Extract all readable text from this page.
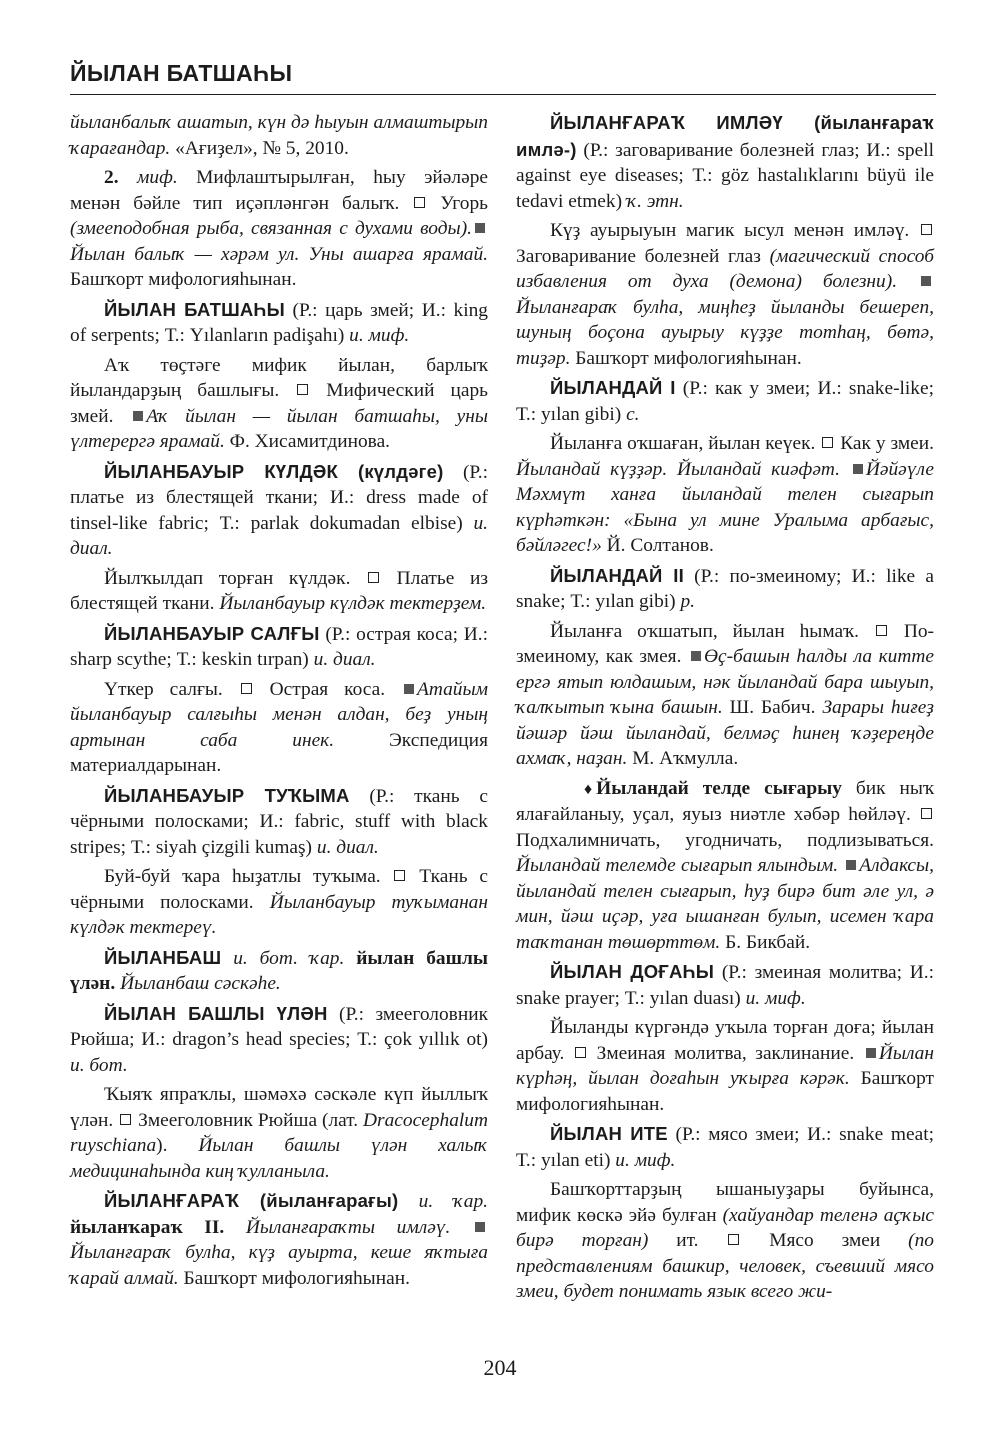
ЙЫЛАН БАТШАҺЫ

йыланбалыҡ ашатып, күн дә һыуын алмаштырып ҡарағандар. «Ағиҙел», № 5, 2010.

2. миф. Мифлаштырылған, һыу эйәләре менән бәйле тип иҫәпләнгән балыҡ.  Угорь (змееподобная рыба, связанная с духами воды).Йылан балыҡ — хәрәм ул. Уны ашарға ярамай. Башҡорт мифологияһынан.

ЙЫЛАН БАТШАҺЫ (Р.: царь змей; И.: king of serpents; Т.: Yılanların padişahı) и. миф.

Аҡ төҫтәге мифик йылан, барлыҡ йыландарҙың башлығы.  Мифический царь змей. Аҡ йылан — йылан батшаһы, уны үлтерергә ярамай. Ф. Хисамитдинова.

ЙЫЛАНБАУЫР КҮЛДӘК (күлдәге) (Р.: платье из блестящей ткани; И.: dress made of tinsel-like fabric; Т.: parlak dokumadan elbise) и. диал.

Йылҡылдап торған күлдәк.  Платье из блестящей ткани. Йыланбауыр күлдәк тектерҙем.

ЙЫЛАНБАУЫР САЛҒЫ (Р.: острая коса; И.: sharp scythe; Т.: keskin tırpan) и. диал.

Үткер салғы.  Острая коса. Атайым йыланбауыр салғыһы менән алдан, беҙ уның артынан саба инек. Экспедиция материалдарынан.

ЙЫЛАНБАУЫР ТУҠЫМА (Р.: ткань с чёрными полосками; И.: fabric, stuff with black stripes; Т.: siyah çizgili kumaş) и. диал.

Буй-буй ҡара һыҙатлы туҡыма.  Ткань с чёрными полосками. Йыланбауыр туҡыманан күлдәк тектереү.

ЙЫЛАНБАШ и. бот. ҡар. йылан башлы үлән. Йыланбаш сәскәһе.

ЙЫЛАН БАШЛЫ ҮЛӘН (Р.: змееголовник Рюйша; И.: dragon’s head species; Т.: çok yıllık ot) и. бот.

Ҡыяҡ япраҡлы, шәмәхә сәскәле күп йыллыҡ үлән.  Змееголовник Рюйша (лат. Dracocephalum ruyschiana). Йылан башлы үлән халыҡ медицинаһында киң ҡулланыла.

ЙЫЛАНҒАРАҠ (йыланғарағы) и. ҡар. йыланҡараҡ II. Йыланғараҡты имләү. Йыланғараҡ булһа, күҙ ауырта, кеше яҡтыға ҡарай алмай. Башҡорт мифологияһынан.

ЙЫЛАНҒАРАҠ ИМЛӘҮ (йыланғараҡ имлә-) (Р.: заговаривание болезней глаз; И.: spell against eye diseases; Т.: göz hastalıklarını büyü ile tedavi etmek) ҡ. этн.

Күҙ ауырыуын магик ысул менән имләү.  Заговаривание болезней глаз (магический способ избавления от духа (демона) болезни). Йыланғараҡ булһа, миңһеҙ йыланды бешереп, шуның боҫона ауырыу күҙҙе тотһаң, бөтә, тиҙәр. Башҡорт мифологияһынан.

ЙЫЛАНДАЙ I (Р.: как у змеи; И.: snake-like; Т.: yılan gibi) с.

Йыланға оҡшаған, йылан кеүек.  Как у змеи. Йыландай күҙҙәр. Йыландай киәфәт. Йәйәүле Мәхмүт ханға йыландай телен сығарып күрһәткән: «Бына ул мине Уралыма арбағыс, бәйләгес!» Й. Солтанов.

ЙЫЛАНДАЙ II (Р.: по-змеиному; И.: like a snake; Т.: yılan gibi) р.

Йыланға оҡшатып, йылан һымаҡ.  По-змеиному, как змея. Өҫ-башын һалды ла китте ергә ятып юлдашым, нәк йыландай бара шыуып, ҡалҡытып ҡына башын. Ш. Бабич. Зарары һиғеҙ йәшәр йәш йыландай, белмәҫ һинең ҡәҙереңде ахмаҡ, наҙан. М. Аҡмулла.

♦ Йыландай телде сығарыу бик ныҡ ялағайланыу, уҫал, яуыз ниәтле хәбәр һөйләү.  Подхалимничать, угодничать, подлизываться. Йыландай телемде сығарып ялындым. Алдаксы, йыландай телен сығарып, һуҙ бирә бит әле ул, ә мин, йәш иҫәр, уға ышанған булып, исемен ҡара таҡтанан төшөрттөм. Б. Бикбай.

ЙЫЛАН ДОҒАҺЫ (Р.: змеиная молитва; И.: snake prayer; Т.: yılan duası) и. миф.

Йыланды күргәндә уҡыла торған доға; йылан арбау.  Змеиная молитва, заклинание. Йылан күрһәң, йылан доғаһын уҡырға кәрәк. Башҡорт мифологияһынан.

ЙЫЛАН ИТЕ (Р.: мясо змеи; И.: snake meat; Т.: yılan eti) и. миф.

Башҡорттарҙың ышаныуҙары буйынса, мифик көскә эйә булған (хайуандар теленә аҫҡыс бирә торған) ит.  Мясо змеи (по представлениям башкир, человек, съевший мясо змеи, будет понимать язык всего жи-

204
